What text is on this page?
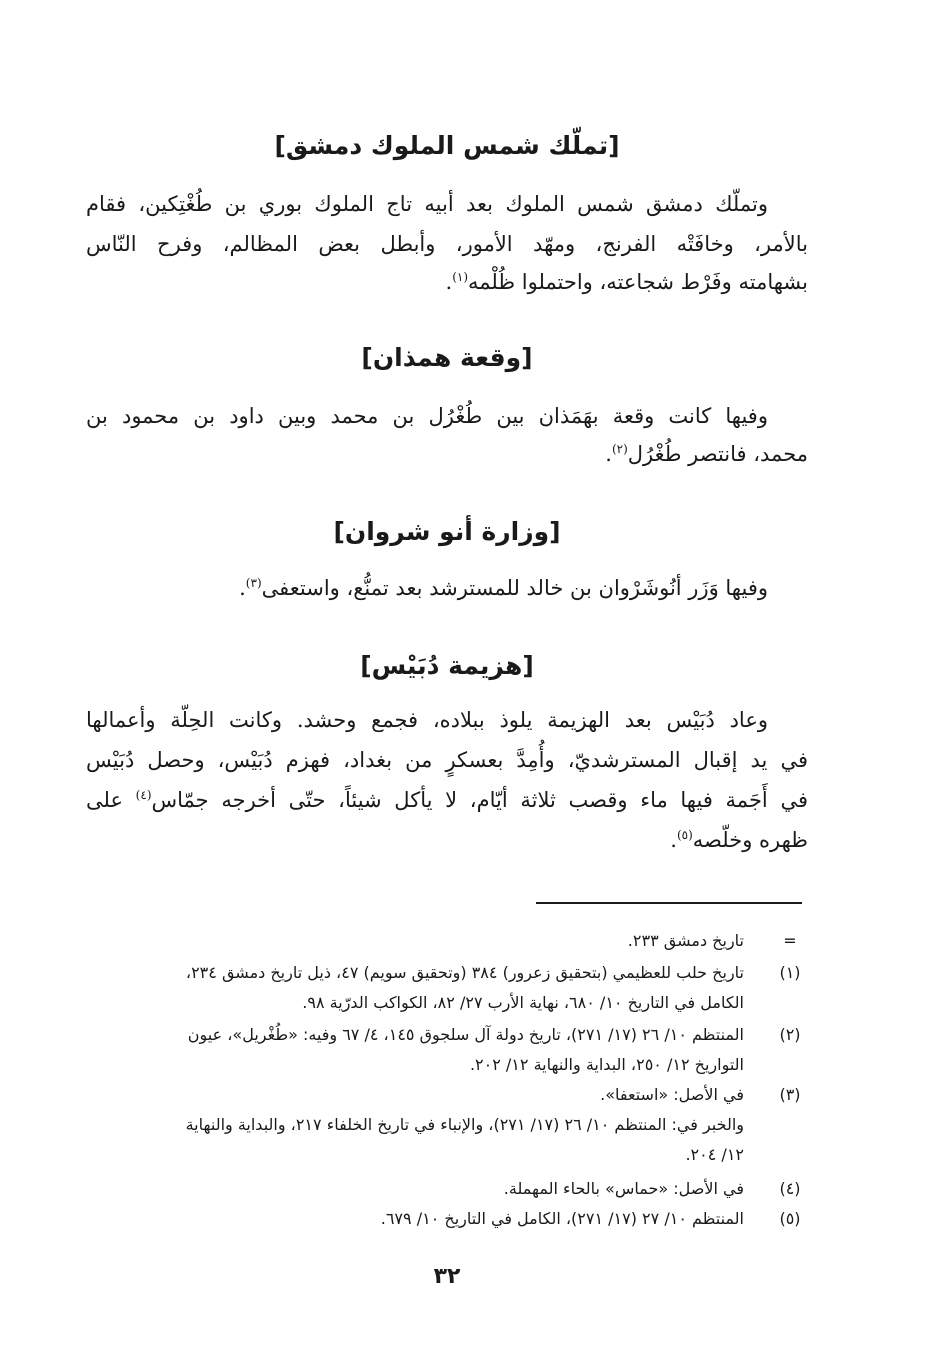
[تملّك شمس الملوك دمشق]
وتملّك دمشق شمس الملوك بعد أبيه تاج الملوك بوري بن طُغْتِكين، فقام
بالأمر، وخافَتْه الفرنج، ومهّد الأمور، وأبطل بعض المظالم، وفرح النّاس
بشهامته وفَرْط شجاعته، واحتملوا ظُلْمه$^{(١)}$.
[وقعة همذان]
وفيها كانت وقعة بهَمَذان بين طُغْرُل بن محمد وبين داود بن محمود بن
محمد، فانتصر طُغْرُل$^{(٢)}$.
[وزارة أنو شروان]
وفيها وَزَر أنُوشَرْوان بن خالد للمسترشد بعد تمنُّع، واستعفى$^{(٣)}$.
[هزيمة دُبَيْس]
وعاد دُبَيْس بعد الهزيمة يلوذ ببلاده، فجمع وحشد. وكانت الحِلّة وأعمالها
في يد إقبال المسترشديّ، وأُمِدَّ بعسكرٍ من بغداد، فهزم دُبَيْس، وحصل دُبَيْس
في أَجَمة فيها ماء وقصب ثلاثة أيّام، لا يأكل شيئاً، حتّى أخرجه جمّاس$^{(٤)}$ على
ظهره وخلّصه$^{(٥)}$.
=
تاريخ دمشق ٢٣٣.
(١)
تاريخ حلب للعظيمي (بتحقيق زعرور) ٣٨٤ (وتحقيق سويم) ٤٧، ذيل تاريخ دمشق ٢٣٤،
الكامل في التاريخ ١٠/ ٦٨٠، نهاية الأرب ٢٧/ ٨٢، الكواكب الدرّية ٩٨.
(٢)
المنتظم ١٠/ ٢٦ (١٧/ ٢٧١)، تاريخ دولة آل سلجوق ١٤٥، ٤/ ٦٧ وفيه: «طُغْريل»، عيون
التواريخ ١٢/ ٢٥٠، البداية والنهاية ١٢/ ٢٠٢.
(٣)
في الأصل: «استعفا».
والخبر في: المنتظم ١٠/ ٢٦ (١٧/ ٢٧١)، والإنباء في تاريخ الخلفاء ٢١٧، والبداية والنهاية
١٢/ ٢٠٤.
(٤)
في الأصل: «حماس» بالحاء المهملة.
(٥)
المنتظم ١٠/ ٢٧ (١٧/ ٢٧١)، الكامل في التاريخ ١٠/ ٦٧٩.
٣٢
